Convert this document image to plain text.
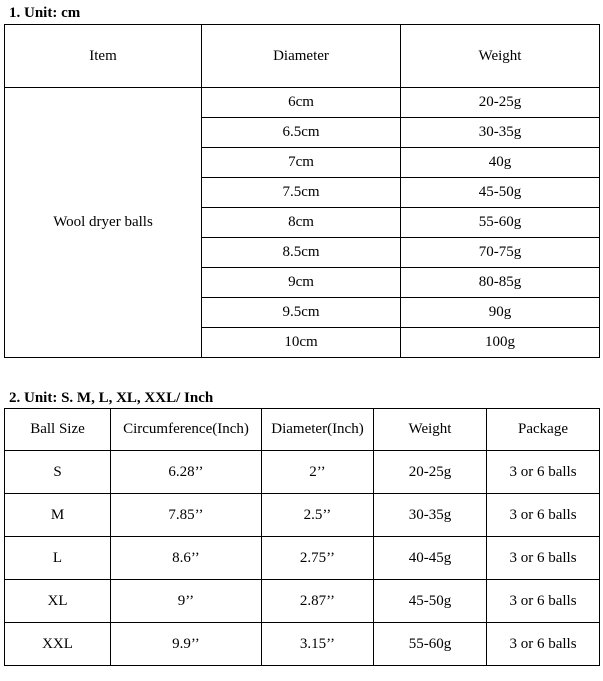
1. Unit: cm
Item	Diameter	Weight
Wool dryer balls	6cm	20-25g
	6.5cm	30-35g
	7cm	40g
	7.5cm	45-50g
	8cm	55-60g
	8.5cm	70-75g
	9cm	80-85g
	9.5cm	90g
	10cm	100g
2. Unit: S. M, L, XL, XXL/ Inch
Ball Size	Circumference(Inch)	Diameter(Inch)	Weight	Package
S	6.28’’	2’’	20-25g	3 or 6 balls
M	7.85’’	2.5’’	30-35g	3 or 6 balls
L	8.6’’	2.75’’	40-45g	3 or 6 balls
XL	9’’	2.87’’	45-50g	3 or 6 balls
XXL	9.9’’	3.15’’	55-60g	3 or 6 balls
